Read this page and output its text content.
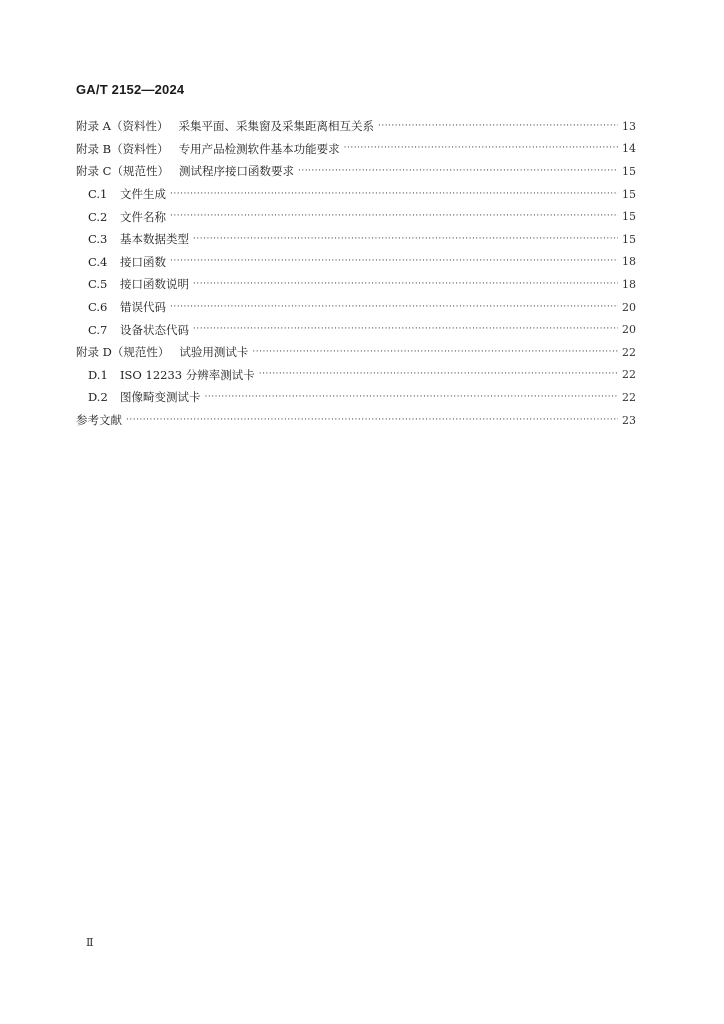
GA/T 2152—2024
附录 A（资料性） 采集平面、采集窗及采集距离相互关系 ·····	13
附录 B（资料性） 专用产品检测软件基本功能要求 ·····	14
附录 C（规范性） 测试程序接口函数要求 ·····	15
C.1	文件生成 ·····	15
C.2	文件名称 ·····	15
C.3	基本数据类型 ·····	15
C.4	接口函数 ·····	18
C.5	接口函数说明 ·····	18
C.6	错误代码 ·····	20
C.7	设备状态代码 ·····	20
附录 D（规范性） 试验用测试卡 ·····	22
D.1	ISO 12233 分辨率测试卡 ·····	22
D.2	图像畸变测试卡 ·····	22
参考文献 ·····	23
Ⅱ
